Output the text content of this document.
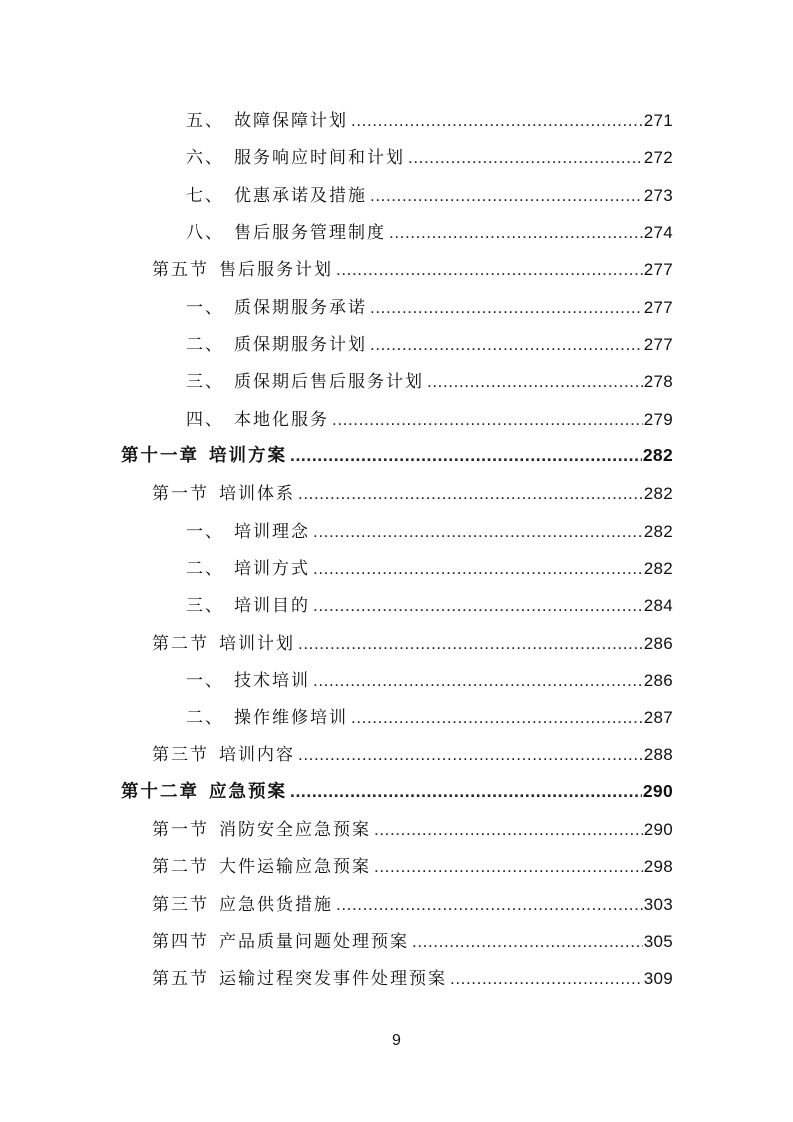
五、 故障保障计划 .....	271
六、 服务响应时间和计划 .....	272
七、 优惠承诺及措施 .....	273
八、 售后服务管理制度 .....	274
第五节 售后服务计划 .....	277
一、 质保期服务承诺 .....	277
二、 质保期服务计划 .....	277
三、 质保期后售后服务计划 .....	278
四、 本地化服务 .....	279
第十一章 培训方案 .....	282
第一节 培训体系 .....	282
一、 培训理念 .....	282
二、 培训方式 .....	282
三、 培训目的 .....	284
第二节 培训计划 .....	286
一、 技术培训 .....	286
二、 操作维修培训 .....	287
第三节 培训内容 .....	288
第十二章 应急预案 .....	290
第一节 消防安全应急预案 .....	290
第二节 大件运输应急预案 .....	298
第三节 应急供货措施 .....	303
第四节 产品质量问题处理预案 .....	305
第五节 运输过程突发事件处理预案 .....	309
9
